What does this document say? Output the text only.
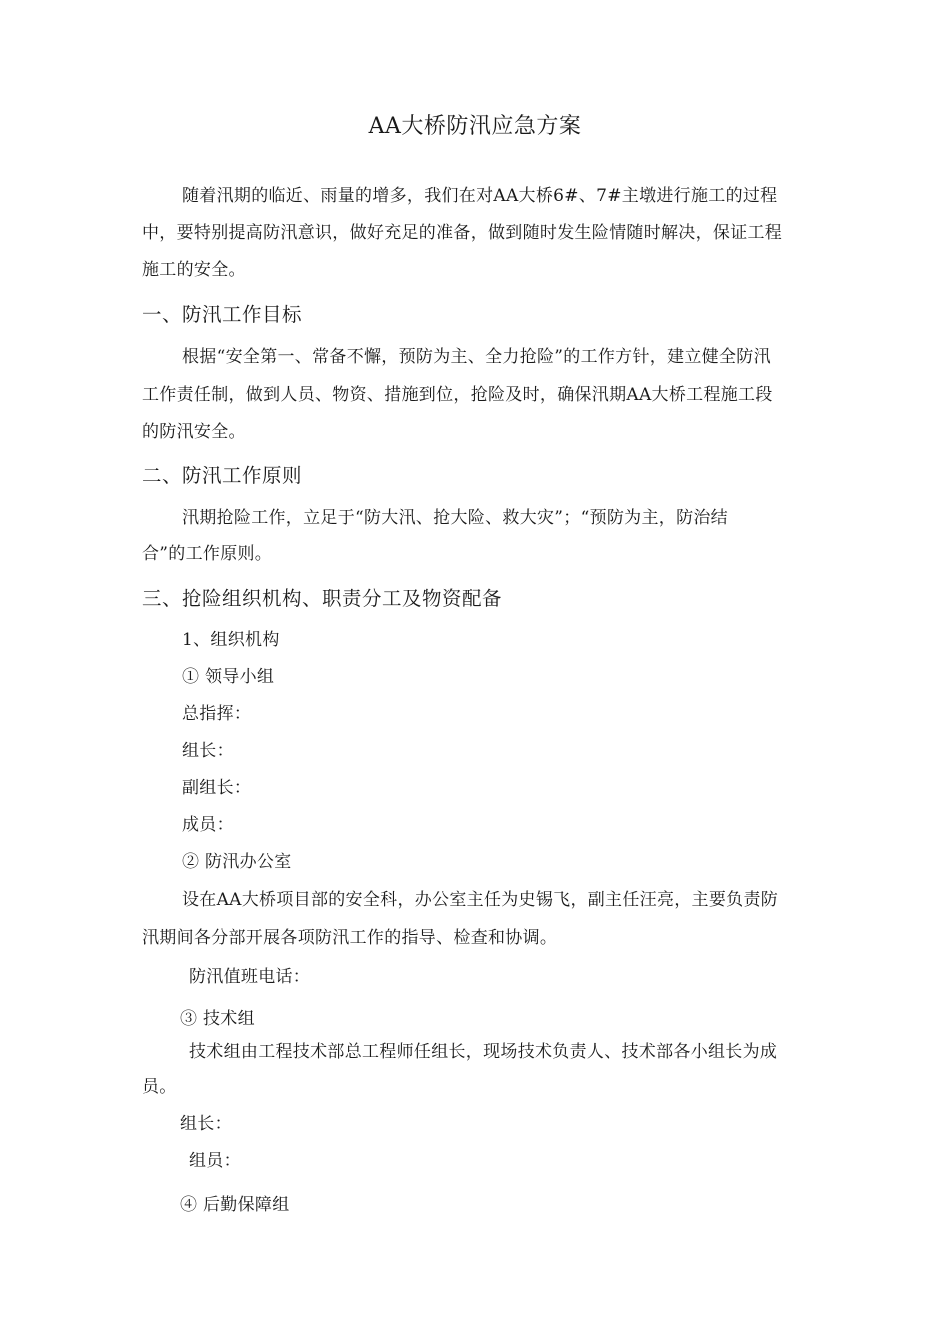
AA大桥防汛应急方案
随着汛期的临近、雨量的增多，我们在对AA大桥6#、7#主墩进行施工的过程
中，要特别提高防汛意识，做好充足的准备，做到随时发生险情随时解决，保证工程
施工的安全。
一、防汛工作目标
根据“安全第一、常备不懈，预防为主、全力抢险”的工作方针，建立健全防汛
工作责任制，做到人员、物资、措施到位，抢险及时，确保汛期AA大桥工程施工段
的防汛安全。
二、防汛工作原则
汛期抢险工作，立足于“防大汛、抢大险、救大灾”；“预防为主，防治结
合”的工作原则。
三、抢险组织机构、职责分工及物资配备
1、组织机构
① 领导小组
总指挥：
组长：
副组长：
成员：
② 防汛办公室
设在AA大桥项目部的安全科，办公室主任为史锡飞，副主任汪亮，主要负责防
汛期间各分部开展各项防汛工作的指导、检查和协调。
防汛值班电话：
③ 技术组
技术组由工程技术部总工程师任组长，现场技术负责人、技术部各小组长为成
员。
组长：
组员：
④ 后勤保障组
